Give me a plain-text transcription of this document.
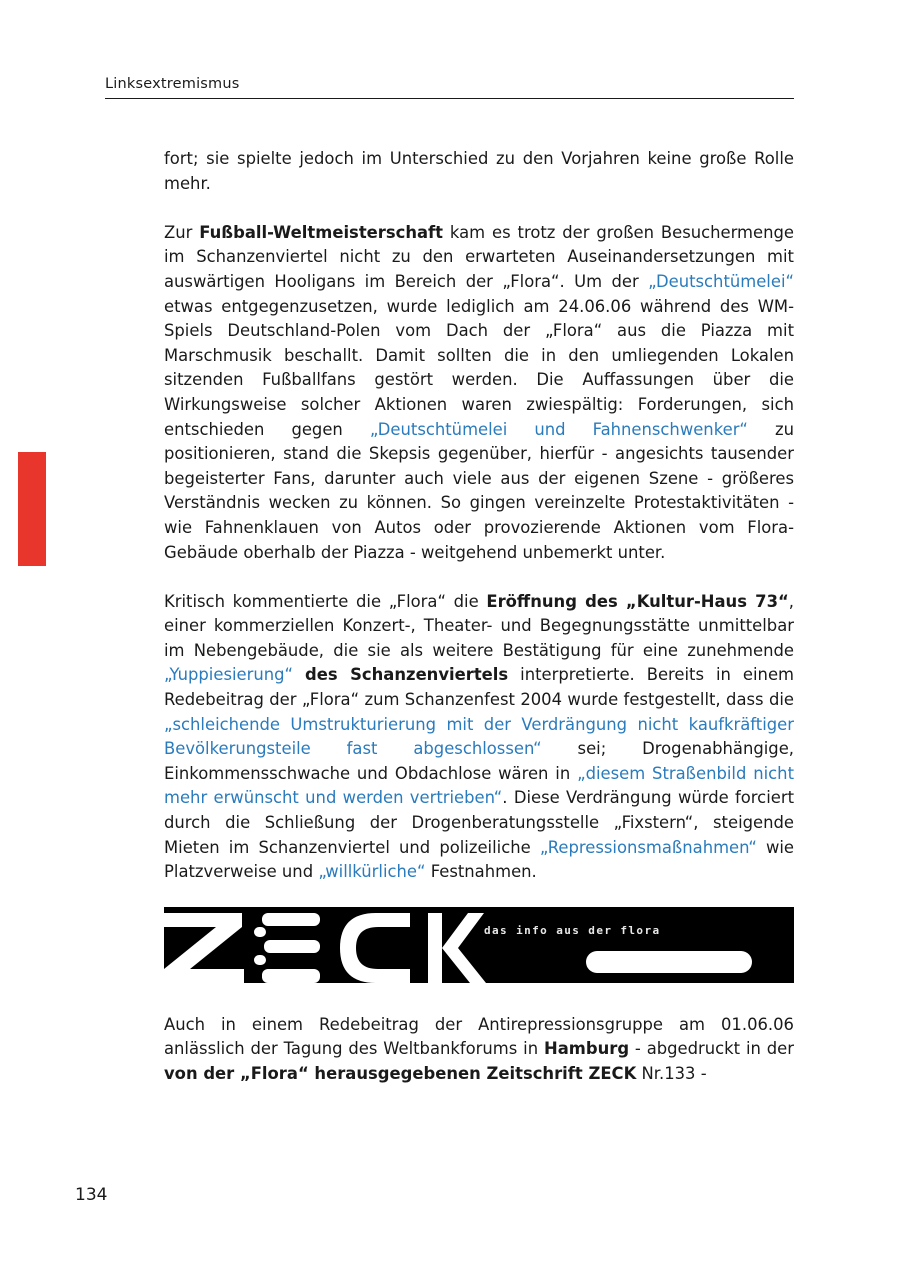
Linksextremismus

fort; sie spielte jedoch im Unterschied zu den Vorjahren keine große Rolle mehr.

Zur Fußball-Weltmeisterschaft kam es trotz der großen Besuchermenge im Schanzenviertel nicht zu den erwarteten Auseinandersetzungen mit auswärtigen Hooligans im Bereich der „Flora“. Um der „Deutschtümelei“ etwas entgegenzusetzen, wurde lediglich am 24.06.06 während des WM-Spiels Deutschland-Polen vom Dach der „Flora“ aus die Piazza mit Marschmusik beschallt. Damit sollten die in den umliegenden Lokalen sitzenden Fußballfans gestört werden. Die Auffassungen über die Wirkungsweise solcher Aktionen waren zwiespältig: Forderungen, sich entschieden gegen „Deutschtümelei und Fahnenschwenker“ zu positionieren, stand die Skepsis gegenüber, hierfür - angesichts tausender begeisterter Fans, darunter auch viele aus der eigenen Szene - größeres Verständnis wecken zu können. So gingen vereinzelte Protestaktivitäten - wie Fahnenklauen von Autos oder provozierende Aktionen vom Flora-Gebäude oberhalb der Piazza - weitgehend unbemerkt unter.

Kritisch kommentierte die „Flora“ die Eröffnung des „Kultur-Haus 73“, einer kommerziellen Konzert-, Theater- und Begegnungsstätte unmittelbar im Nebengebäude, die sie als weitere Bestätigung für eine zunehmende „Yuppiesierung“ des Schanzenviertels interpretierte. Bereits in einem Redebeitrag der „Flora“ zum Schanzenfest 2004 wurde festgestellt, dass die „schleichende Umstrukturierung mit der Verdrängung nicht kaufkräftiger Bevölkerungsteile fast abgeschlossen“ sei; Drogenabhängige, Einkommensschwache und Obdachlose wären in „diesem Straßenbild nicht mehr erwünscht und werden vertrieben“. Diese Verdrängung würde forciert durch die Schließung der Drogenberatungsstelle „Fixstern“, steigende Mieten im Schanzenviertel und polizeiliche „Repressionsmaßnahmen“ wie Platzverweise und „willkürliche“ Festnahmen.

das info aus der flora

Auch in einem Redebeitrag der Antirepressionsgruppe am 01.06.06 anlässlich der Tagung des Weltbankforums in Hamburg - abgedruckt in der von der „Flora“ herausgegebenen Zeitschrift ZECK Nr.133 -

134
